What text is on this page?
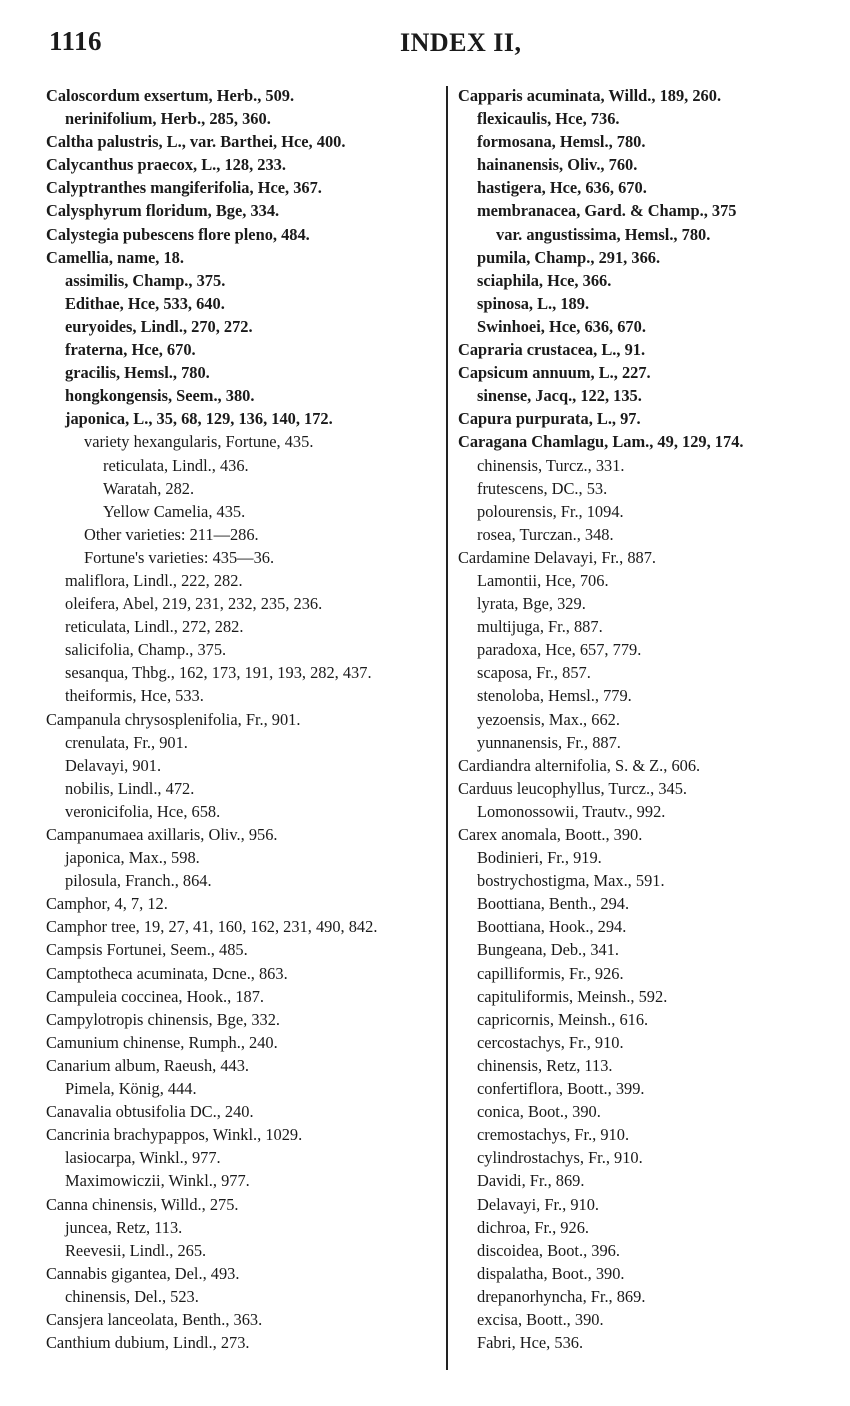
1116	INDEX II,
Caloscordum exsertum, Herb., 509.
nerinifolium, Herb., 285, 360.
Caltha palustris, L., var. Barthei, Hce, 400.
Calycanthus praecox, L., 128, 233.
Calyptranthes mangiferifolia, Hce, 367.
Calysphyrum floridum, Bge, 334.
Calystegia pubescens flore pleno, 484.
Camellia, name, 18.
assimilis, Champ., 375.
Edithae, Hce, 533, 640.
euryoides, Lindl., 270, 272.
fraterna, Hce, 670.
gracilis, Hemsl., 780.
hongkongensis, Seem., 380.
japonica, L., 35, 68, 129, 136, 140, 172.
variety hexangularis, Fortune, 435.
reticulata, Lindl., 436.
Waratah, 282.
Yellow Camelia, 435.
Other varieties: 211—286.
Fortune's varieties: 435—36.
maliflora, Lindl., 222, 282.
oleifera, Abel, 219, 231, 232, 235, 236.
reticulata, Lindl., 272, 282.
salicifolia, Champ., 375.
sesanqua, Thbg., 162, 173, 191, 193, 282, 437.
theiformis, Hce, 533.
Campanula chrysosplenifolia, Fr., 901.
crenulata, Fr., 901.
Delavayi, 901.
nobilis, Lindl., 472.
veronicifolia, Hce, 658.
Campanumaea axillaris, Oliv., 956.
japonica, Max., 598.
pilosula, Franch., 864.
Camphor, 4, 7, 12.
Camphor tree, 19, 27, 41, 160, 162, 231, 490, 842.
Campsis Fortunei, Seem., 485.
Camptotheca acuminata, Dcne., 863.
Campuleia coccinea, Hook., 187.
Campylotropis chinensis, Bge, 332.
Camunium chinense, Rumph., 240.
Canarium album, Raeush, 443.
Pimela, König, 444.
Canavalia obtusifolia DC., 240.
Cancrinia brachypappos, Winkl., 1029.
lasiocarpa, Winkl., 977.
Maximowiczii, Winkl., 977.
Canna chinensis, Willd., 275.
juncea, Retz, 113.
Reevesii, Lindl., 265.
Cannabis gigantea, Del., 493.
chinensis, Del., 523.
Cansjera lanceolata, Benth., 363.
Canthium dubium, Lindl., 273.
Capparis acuminata, Willd., 189, 260.
flexicaulis, Hce, 736.
formosana, Hemsl., 780.
hainanensis, Oliv., 760.
hastigera, Hce, 636, 670.
membranacea, Gard. & Champ., 375
var. angustissima, Hemsl., 780.
pumila, Champ., 291, 366.
sciaphila, Hce, 366.
spinosa, L., 189.
Swinhoei, Hce, 636, 670.
Capraria crustacea, L., 91.
Capsicum annuum, L., 227.
sinense, Jacq., 122, 135.
Capura purpurata, L., 97.
Caragana Chamlagu, Lam., 49, 129, 174.
chinensis, Turcz., 331.
frutescens, DC., 53.
polourensis, Fr., 1094.
rosea, Turczan., 348.
Cardamine Delavayi, Fr., 887.
Lamontii, Hce, 706.
lyrata, Bge, 329.
multijuga, Fr., 887.
paradoxa, Hce, 657, 779.
scaposa, Fr., 857.
stenoloba, Hemsl., 779.
yezoensis, Max., 662.
yunnanensis, Fr., 887.
Cardiandra alternifolia, S. & Z., 606.
Carduus leucophyllus, Turcz., 345.
Lomonossowii, Trautv., 992.
Carex anomala, Boott., 390.
Bodinieri, Fr., 919.
bostrychostigma, Max., 591.
Boottiana, Benth., 294.
Boottiana, Hook., 294.
Bungeana, Deb., 341.
capilliformis, Fr., 926.
capituliformis, Meinsh., 592.
capricornis, Meinsh., 616.
cercostachys, Fr., 910.
chinensis, Retz, 113.
confertiflora, Boott., 399.
conica, Boot., 390.
cremostachys, Fr., 910.
cylindrostachys, Fr., 910.
Davidi, Fr., 869.
Delavayi, Fr., 910.
dichroa, Fr., 926.
discoidea, Boot., 396.
dispalatha, Boot., 390.
drepanorhyncha, Fr., 869.
excisa, Boott., 390.
Fabri, Hce, 536.
